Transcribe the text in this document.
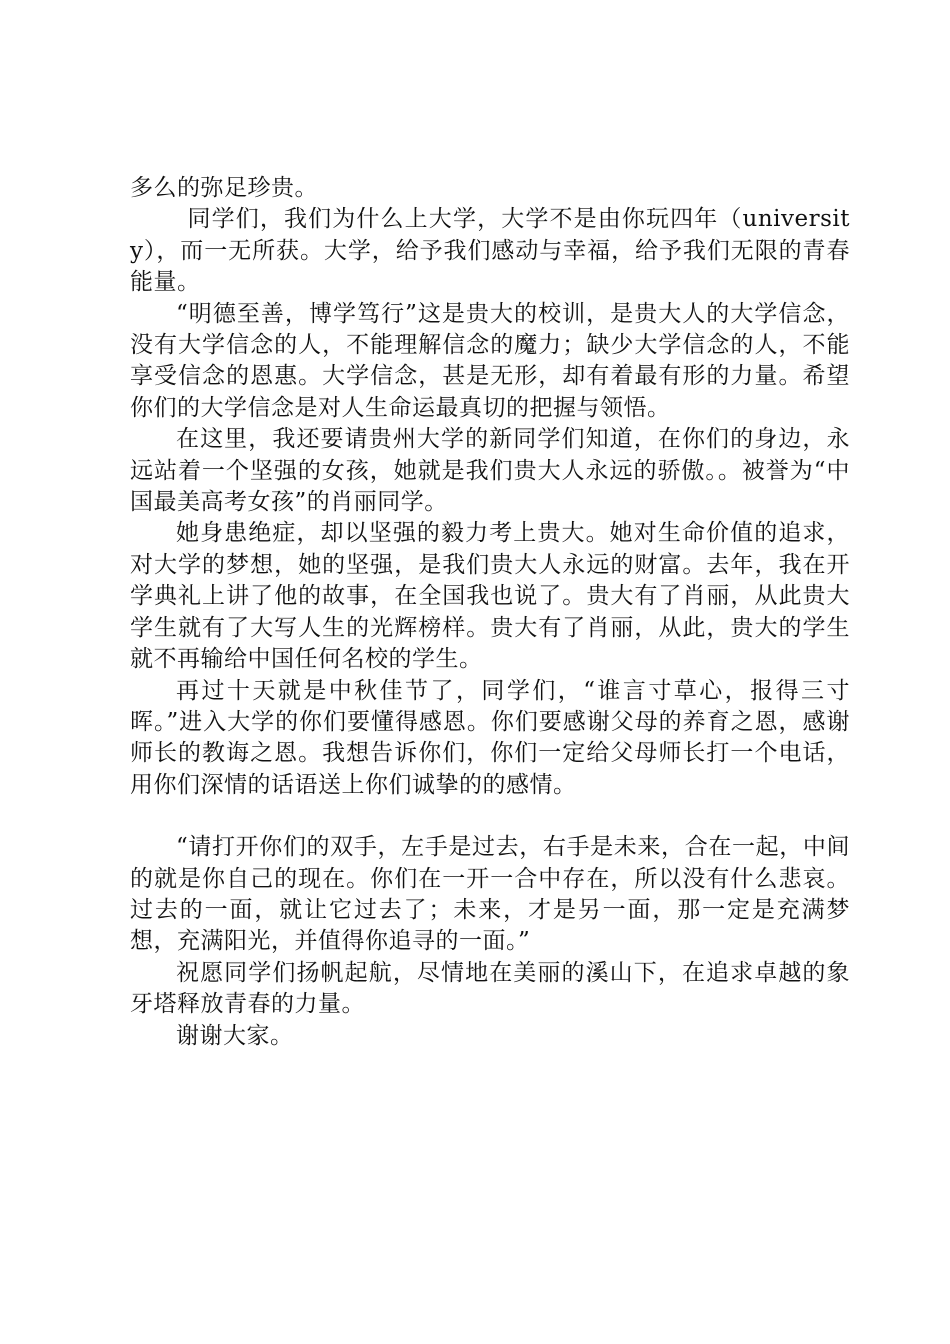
多么的弥足珍贵。

同学们，我们为什么上大学，大学不是由你玩四年（university），而一无所获。大学，给予我们感动与幸福，给予我们无限的青春能量。

“明德至善，博学笃行”这是贵大的校训，是贵大人的大学信念，没有大学信念的人，不能理解信念的魔力；缺少大学信念的人，不能享受信念的恩惠。大学信念，甚是无形，却有着最有形的力量。希望你们的大学信念是对人生命运最真切的把握与领悟。

在这里，我还要请贵州大学的新同学们知道，在你们的身边，永远站着一个坚强的女孩，她就是我们贵大人永远的骄傲。。被誉为“中国最美高考女孩”的肖丽同学。

她身患绝症，却以坚强的毅力考上贵大。她对生命价值的追求，对大学的梦想，她的坚强，是我们贵大人永远的财富。去年，我在开学典礼上讲了他的故事，在全国我也说了。贵大有了肖丽，从此贵大学生就有了大写人生的光辉榜样。贵大有了肖丽，从此，贵大的学生就不再输给中国任何名校的学生。

再过十天就是中秋佳节了，同学们，“谁言寸草心，报得三寸晖。”进入大学的你们要懂得感恩。你们要感谢父母的养育之恩，感谢师长的教诲之恩。我想告诉你们，你们一定给父母师长打一个电话，用你们深情的话语送上你们诚挚的的感情。

“请打开你们的双手，左手是过去，右手是未来，合在一起，中间的就是你自己的现在。你们在一开一合中存在，所以没有什么悲哀。过去的一面，就让它过去了；未来，才是另一面，那一定是充满梦想，充满阳光，并值得你追寻的一面。”

祝愿同学们扬帆起航，尽情地在美丽的溪山下，在追求卓越的象牙塔释放青春的力量。

谢谢大家。
